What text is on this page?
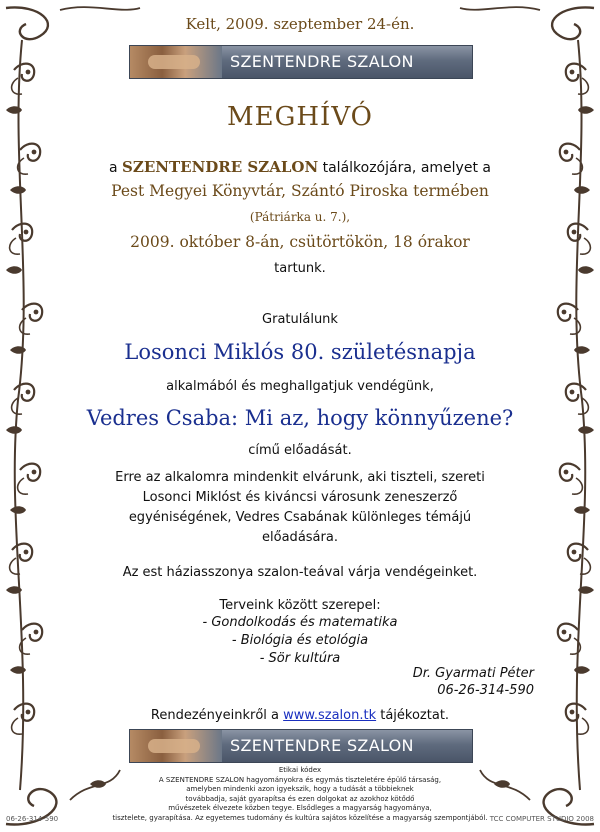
Kelt, 2009. szeptember 24-én.
SZENTENDRE SZALON
MEGHÍVÓ
a SZENTENDRE SZALON találkozójára, amelyet a
Pest Megyei Könyvtár, Szántó Piroska termében
(Pátriárka u. 7.),
2009. október 8-án, csütörtökön, 18 órakor
tartunk.
Gratulálunk
Losonci Miklós 80. születésnapja
alkalmából és meghallgatjuk vendégünk,
Vedres Csaba: Mi az, hogy könnyűzene?
című előadását.
Erre az alkalomra mindenkit elvárunk, aki tiszteli, szereti Losonci Miklóst és kiváncsi városunk zeneszerző egyéniségének, Vedres Csabának különleges témájú előadására.
Az est háziasszonya szalon-teával várja vendégeinket.
Terveink között szerepel:
- Gondolkodás és matematika
- Biológia és etológia
- Sör kultúra
Dr. Gyarmati Péter
06-26-314-590
Rendezényeinkről a www.szalon.tk tájékoztat.
SZENTENDRE SZALON
Etikai kódex
A SZENTENDRE SZALON hagyományokra és egymás tiszteletére épülő társaság,
amelyben mindenki azon igyekszik, hogy a tudását a többieknek
továbbadja, saját gyarapítsa és ezen dolgokat az azokhoz kötődő
művészetek élvezete közben tegye. Elsődleges a magyarság hagyománya,
tisztelete, gyarapítása. Az egyetemes tudomány és kultúra sajátos közelítése a magyarság szempontjából.
06-26-314-590	TCC COMPUTER STUDIO 2008
